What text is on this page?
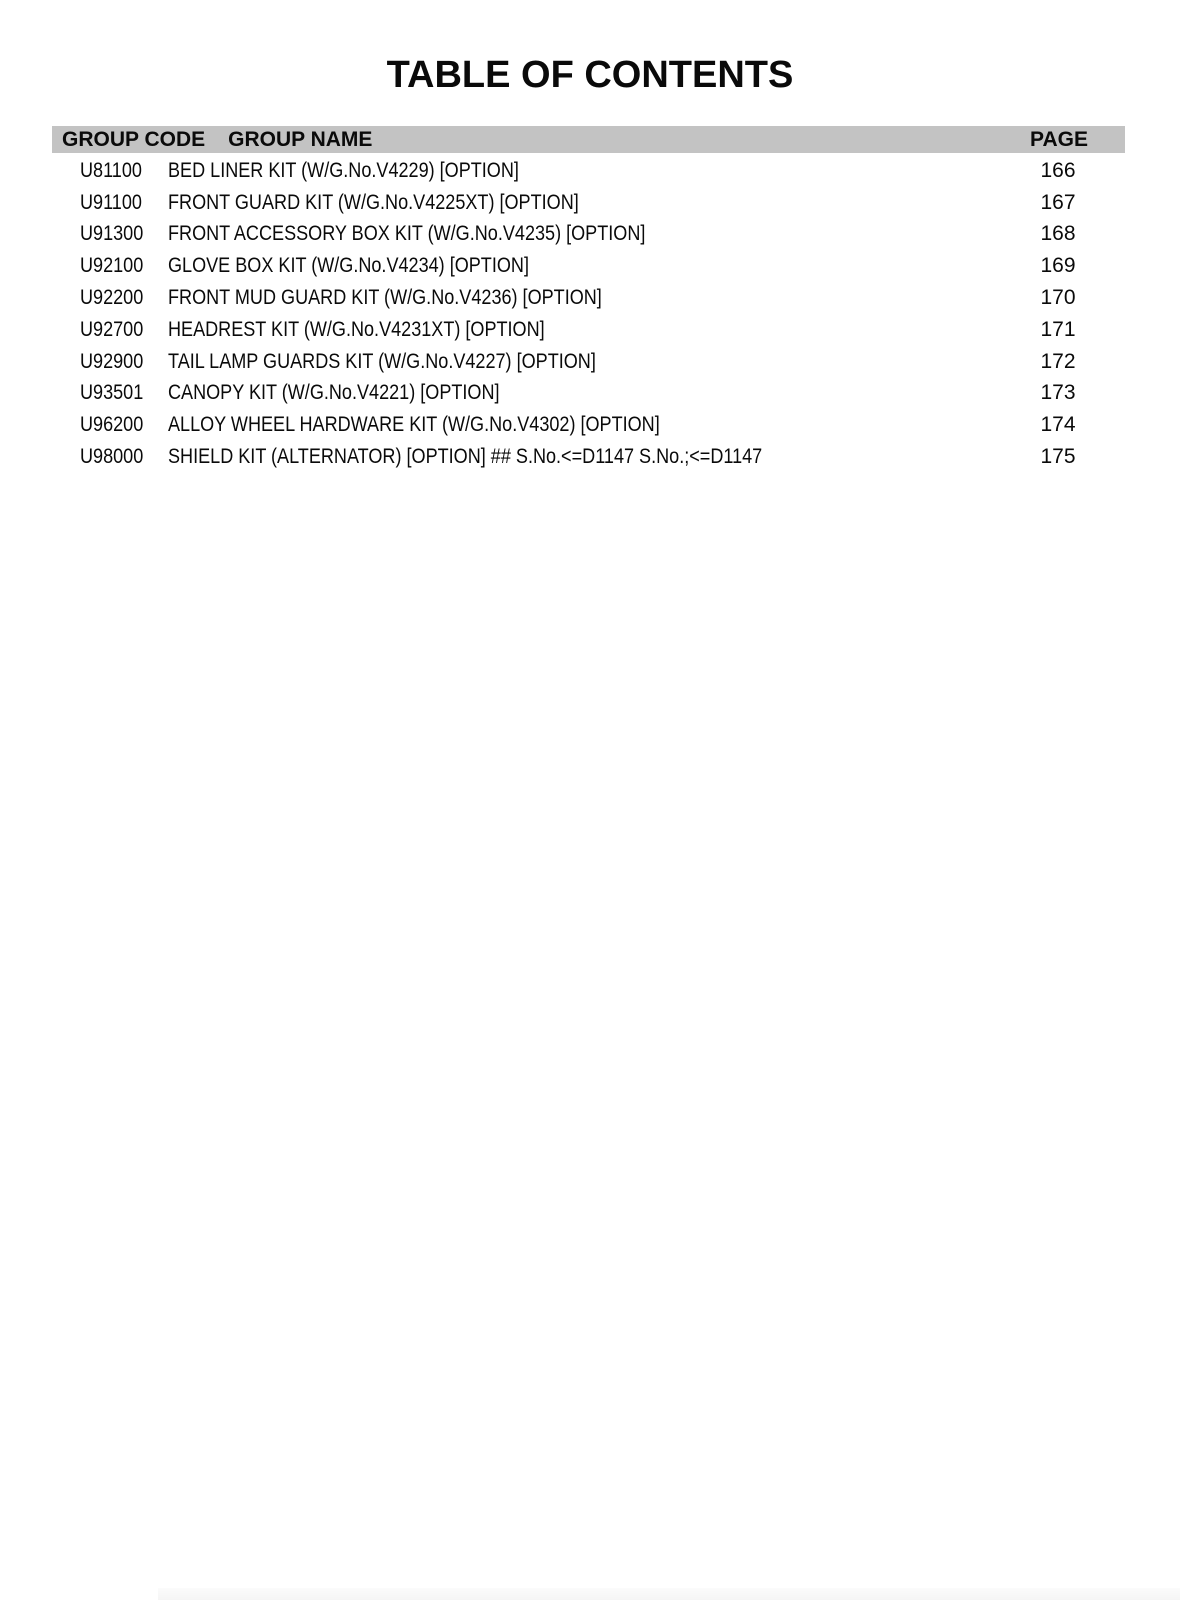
TABLE OF CONTENTS
GROUP CODE GROUP NAME	PAGE
U81100	BED LINER KIT (W/G.No.V4229) [OPTION]	166
U91100	FRONT GUARD KIT (W/G.No.V4225XT) [OPTION]	167
U91300	FRONT ACCESSORY BOX KIT (W/G.No.V4235) [OPTION]	168
U92100	GLOVE BOX KIT (W/G.No.V4234) [OPTION]	169
U92200	FRONT MUD GUARD KIT (W/G.No.V4236) [OPTION]	170
U92700	HEADREST KIT (W/G.No.V4231XT) [OPTION]	171
U92900	TAIL LAMP GUARDS KIT (W/G.No.V4227) [OPTION]	172
U93501	CANOPY KIT (W/G.No.V4221) [OPTION]	173
U96200	ALLOY WHEEL HARDWARE KIT (W/G.No.V4302) [OPTION]	174
U98000	SHIELD KIT (ALTERNATOR) [OPTION] ## S.No.<=D1147 S.No.;<=D1147	175
